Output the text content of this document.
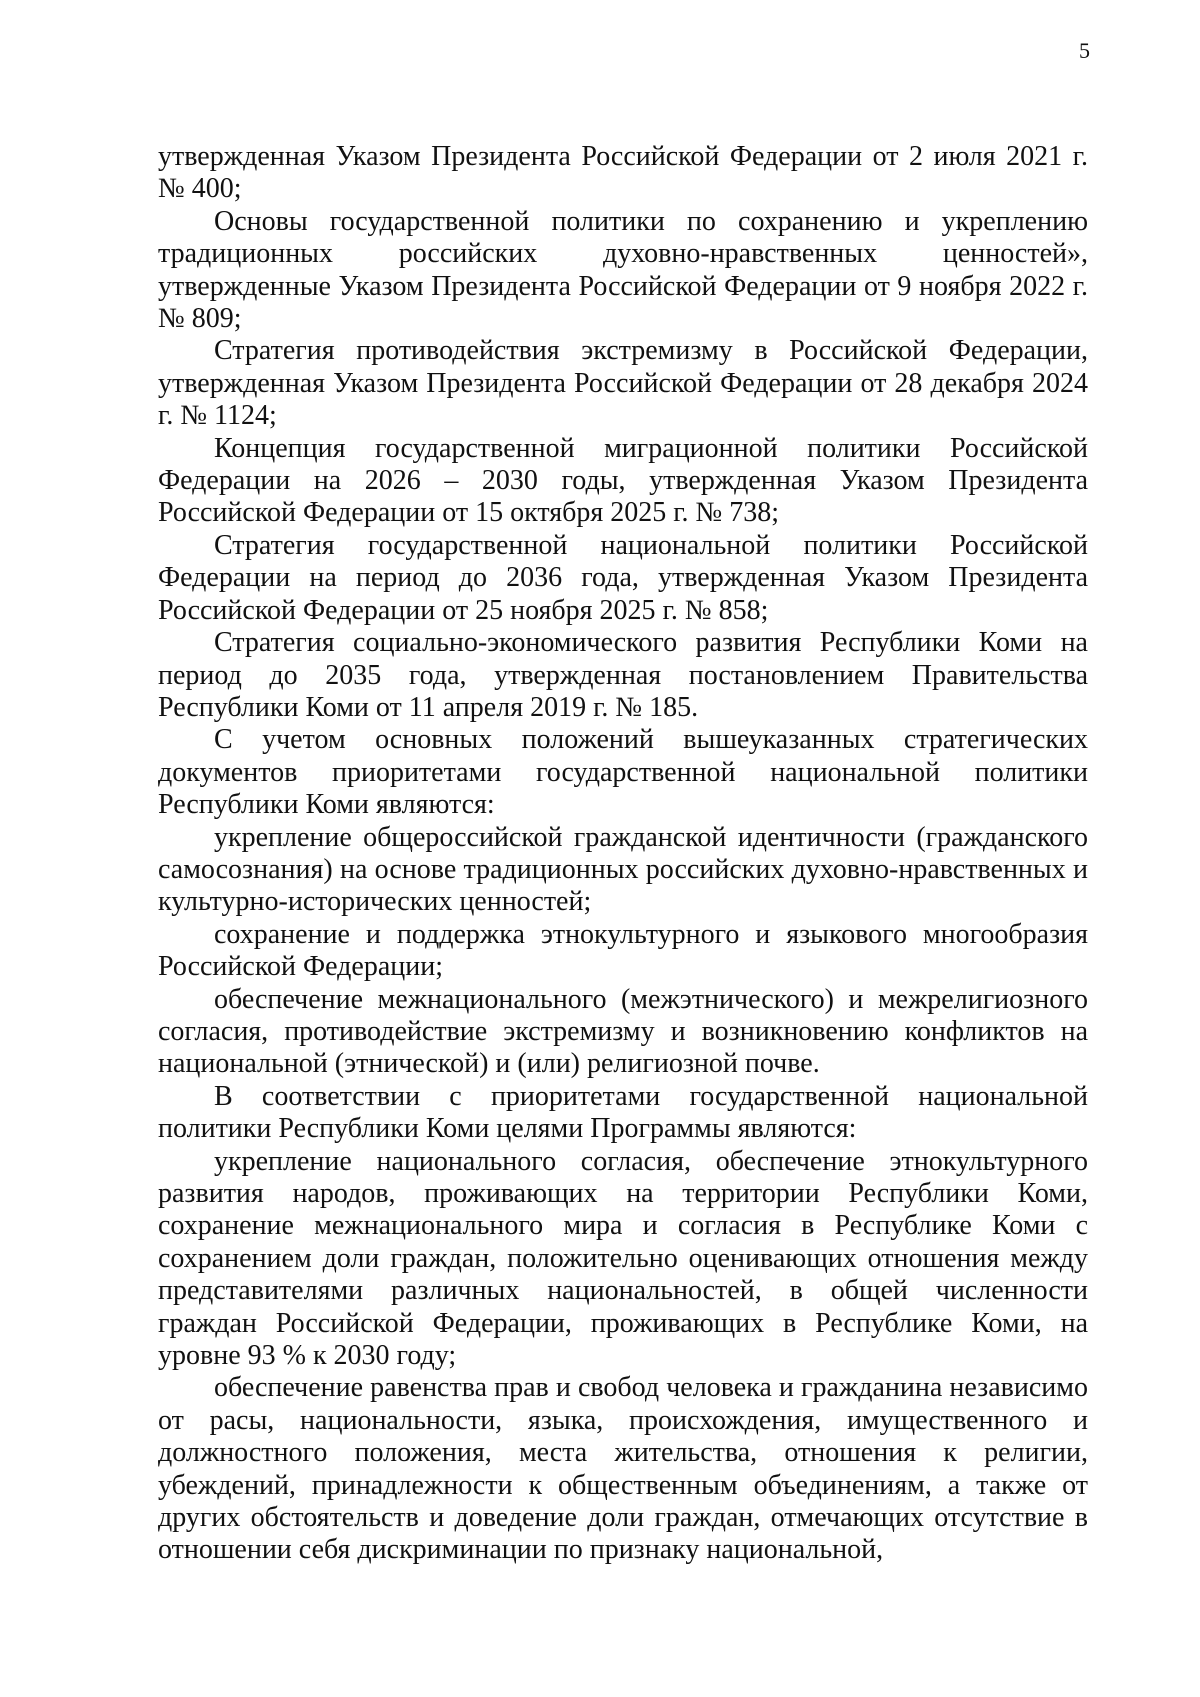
5

утвержденная Указом Президента Российской Федерации от 2 июля 2021 г. № 400;

Основы государственной политики по сохранению и укреплению традиционных российских духовно-нравственных ценностей», утвержденные Указом Президента Российской Федерации от 9 ноября 2022 г. № 809;

Стратегия противодействия экстремизму в Российской Федерации, утвержденная Указом Президента Российской Федерации от 28 декабря 2024 г. № 1124;

Концепция государственной миграционной политики Российской Федерации на 2026 – 2030 годы, утвержденная Указом Президента Российской Федерации от 15 октября 2025 г. № 738;

Стратегия государственной национальной политики Российской Федерации на период до 2036 года, утвержденная Указом Президента Российской Федерации от 25 ноября 2025 г. № 858;

Стратегия социально-экономического развития Республики Коми на период до 2035 года, утвержденная постановлением Правительства Республики Коми от 11 апреля 2019 г. № 185.

С учетом основных положений вышеуказанных стратегических документов приоритетами государственной национальной политики Республики Коми являются:

укрепление общероссийской гражданской идентичности (гражданского самосознания) на основе традиционных российских духовно-нравственных и культурно-исторических ценностей;

сохранение и поддержка этнокультурного и языкового многообразия Российской Федерации;

обеспечение межнационального (межэтнического) и межрелигиозного согласия, противодействие экстремизму и возникновению конфликтов на национальной (этнической) и (или) религиозной почве.

В соответствии с приоритетами государственной национальной политики Республики Коми целями Программы являются:

укрепление национального согласия, обеспечение этнокультурного развития народов, проживающих на территории Республики Коми, сохранение межнационального мира и согласия в Республике Коми с сохранением доли граждан, положительно оценивающих отношения между представителями различных национальностей, в общей численности граждан Российской Федерации, проживающих в Республике Коми, на уровне 93 % к 2030 году;

обеспечение равенства прав и свобод человека и гражданина независимо от расы, национальности, языка, происхождения, имущественного и должностного положения, места жительства, отношения к религии, убеждений, принадлежности к общественным объединениям, а также от других обстоятельств и доведение доли граждан, отмечающих отсутствие в отношении себя дискриминации по признаку национальной,
